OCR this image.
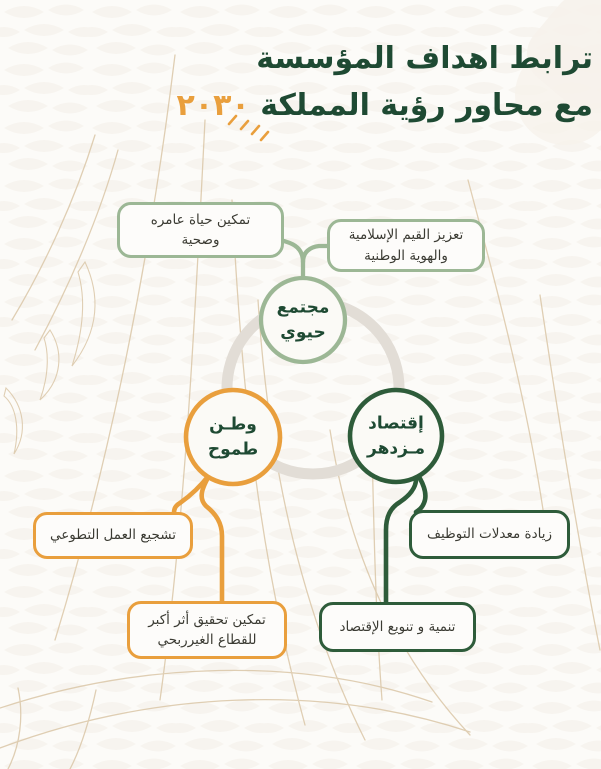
ترابط اهداف المؤسسة
مع محاور رؤية المملكة ٢٠٣٠
مجتمع
حيوي
وطـن
طموح
إقتصاد
مـزدهر
تمكين حياة عامره
وصحية	تعزيز القيم الإسلامية
والهوية الوطنية
تشجيع العمل التطوعي
تمكين تحقيق أثر أكبر
للقطاع الغيرربحي
زيادة معدلات التوظيف
تنمية و تنويع الإقتصاد
